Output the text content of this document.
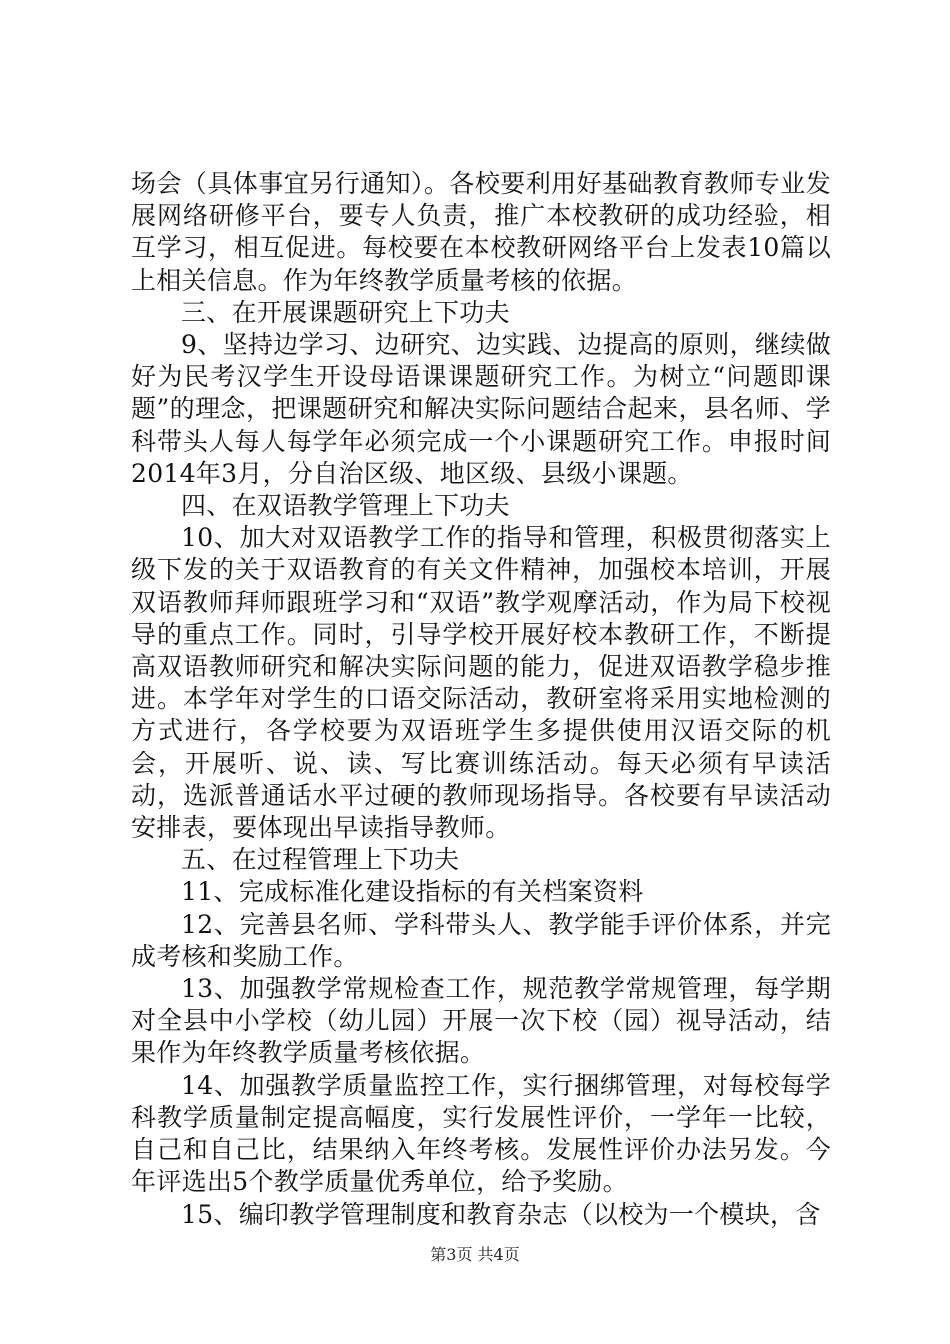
场会（具体事宜另行通知）。各校要利用好基础教育教师专业发展网络研修平台，要专人负责，推广本校教研的成功经验，相互学习，相互促进。每校要在本校教研网络平台上发表10篇以上相关信息。作为年终教学质量考核的依据。

三、在开展课题研究上下功夫

9、坚持边学习、边研究、边实践、边提高的原则，继续做好为民考汉学生开设母语课课题研究工作。为树立“问题即课题”的理念，把课题研究和解决实际问题结合起来，县名师、学科带头人每人每学年必须完成一个小课题研究工作。申报时间2014年3月，分自治区级、地区级、县级小课题。

四、在双语教学管理上下功夫

10、加大对双语教学工作的指导和管理，积极贯彻落实上级下发的关于双语教育的有关文件精神，加强校本培训，开展双语教师拜师跟班学习和“双语”教学观摩活动，作为局下校视导的重点工作。同时，引导学校开展好校本教研工作，不断提高双语教师研究和解决实际问题的能力，促进双语教学稳步推进。本学年对学生的口语交际活动，教研室将采用实地检测的方式进行，各学校要为双语班学生多提供使用汉语交际的机会，开展听、说、读、写比赛训练活动。每天必须有早读活动，选派普通话水平过硬的教师现场指导。各校要有早读活动安排表，要体现出早读指导教师。

五、在过程管理上下功夫

11、完成标准化建设指标的有关档案资料

12、完善县名师、学科带头人、教学能手评价体系，并完成考核和奖励工作。

13、加强教学常规检查工作，规范教学常规管理，每学期对全县中小学校（幼儿园）开展一次下校（园）视导活动，结果作为年终教学质量考核依据。

14、加强教学质量监控工作，实行捆绑管理，对每校每学科教学质量制定提高幅度，实行发展性评价，一学年一比较，自己和自己比，结果纳入年终考核。发展性评价办法另发。今年评选出5个教学质量优秀单位，给予奖励。

15、编印教学管理制度和教育杂志（以校为一个模块，含

第3页 共4页
